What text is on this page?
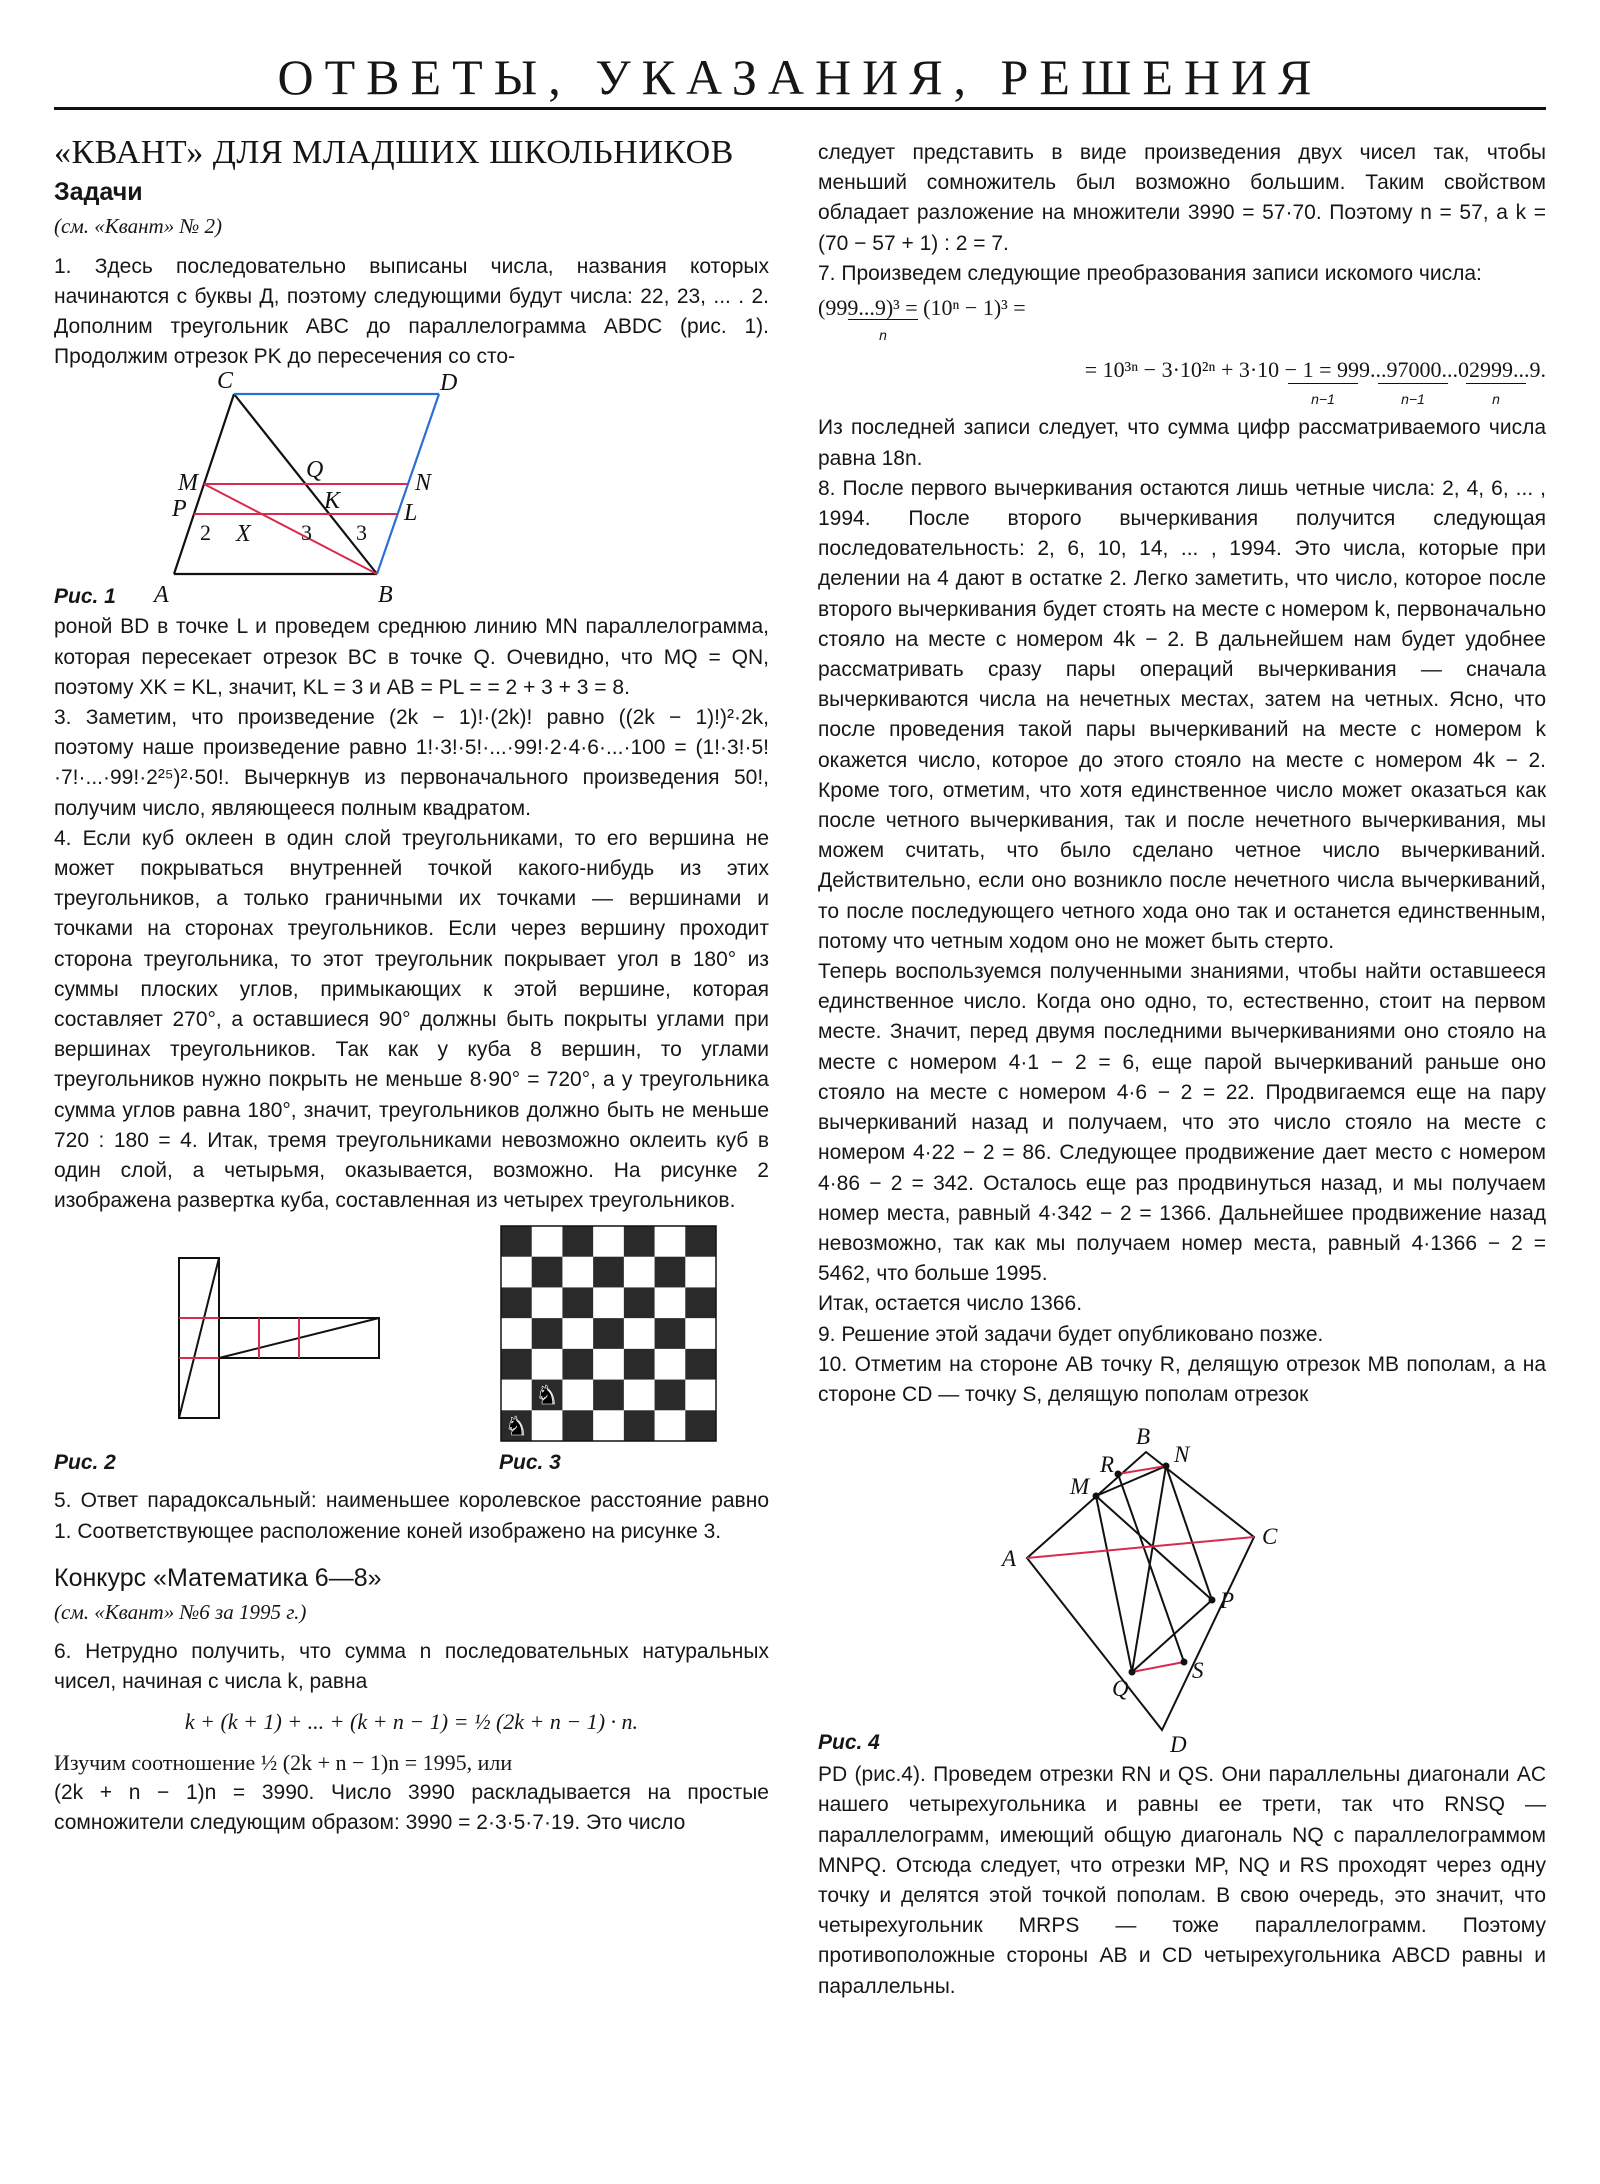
ОТВЕТЫ, УКАЗАНИЯ, РЕШЕНИЯ
«КВАНТ» ДЛЯ МЛАДШИХ ШКОЛЬНИКОВ
Задачи
(см. «Квант» № 2)

1. Здесь последовательно выписаны числа, названия которых начинаются с буквы Д, поэтому следующими будут числа: 22, 23, ... . 2. Дополним треугольник ABC до параллелограмма ABDC (рис. 1). Продолжим отрезок PK до пересечения со сто-

A	B
C	D
M	N
P	L
Q
K
X
2	3 3
Рис. 1

роной BD в точке L и проведем среднюю линию MN параллелограмма, которая пересекает отрезок BC в точке Q. Очевидно, что MQ = QN, поэтому XK = KL, значит, KL = 3 и AB = PL = = 2 + 3 + 3 = 8.

3. Заметим, что произведение (2k − 1)!·(2k)! равно ((2k − 1)!)²·2k, поэтому наше произведение равно 1!·3!·5!·...·99!·2·4·6·...·100 = (1!·3!·5!·7!·...·99!·2²⁵)²·50!. Вычеркнув из первоначального произведения 50!, получим число, являющееся полным квадратом.

4. Если куб оклеен в один слой треугольниками, то его вершина не может покрываться внутренней точкой какого-нибудь из этих треугольников, а только граничными их точками — вершинами и точками на сторонах треугольников. Если через вершину проходит сторона треугольника, то этот треугольник покрывает угол в 180° из суммы плоских углов, примыкающих к этой вершине, которая составляет 270°, а оставшиеся 90° должны быть покрыты углами при вершинах треугольников. Так как у куба 8 вершин, то углами треугольников нужно покрыть не меньше 8·90° = 720°, а у треугольника сумма углов равна 180°, значит, треугольников должно быть не меньше 720 : 180 = 4. Итак, тремя треугольниками невозможно оклеить куб в один слой, а четырьмя, оказывается, возможно. На рисунке 2 изображена развертка куба, составленная из четырех треугольников.

♞
♞
Рис. 2	Рис. 3

5. Ответ парадоксальный: наименьшее королевское расстояние равно 1. Соответствующее расположение коней изображено на рисунке 3.

Конкурс «Математика 6—8»
(см. «Квант» №6 за 1995 г.)

6. Нетрудно получить, что сумма n последовательных натуральных чисел, начиная с числа k, равна

k + (k + 1) + ... + (k + n − 1) = ½ (2k + n − 1) · n.

Изучим соотношение ½ (2k + n − 1)n = 1995, или

(2k + n − 1)n = 3990. Число 3990 раскладывается на простые сомножители следующим образом: 3990 = 2·3·5·7·19. Это число

следует представить в виде произведения двух чисел так, чтобы меньший сомножитель был возможно большим. Таким свойством обладает разложение на множители 3990 = 57·70. Поэтому n = 57, а k = (70 − 57 + 1) : 2 = 7.

7. Произведем следующие преобразования записи искомого числа:

(999...9)³ = (10ⁿ − 1)³ =
n
= 10³ⁿ − 3·10²ⁿ + 3·10 − 1 = 999...97000...02999...9.
n−1	n−1	n

Из последней записи следует, что сумма цифр рассматриваемого числа равна 18n.

8. После первого вычеркивания остаются лишь четные числа: 2, 4, 6, ... , 1994. После второго вычеркивания получится следующая последовательность: 2, 6, 10, 14, ... , 1994. Это числа, которые при делении на 4 дают в остатке 2. Легко заметить, что число, которое после второго вычеркивания будет стоять на месте с номером k, первоначально стояло на месте с номером 4k − 2. В дальнейшем нам будет удобнее рассматривать сразу пары операций вычеркивания — сначала вычеркиваются числа на нечетных местах, затем на четных. Ясно, что после проведения такой пары вычеркиваний на месте с номером k окажется число, которое до этого стояло на месте с номером 4k − 2. Кроме того, отметим, что хотя единственное число может оказаться как после четного вычеркивания, так и после нечетного вычеркивания, мы можем считать, что было сделано четное число вычеркиваний. Действительно, если оно возникло после нечетного числа вычеркиваний, то после последующего четного хода оно так и останется единственным, потому что четным ходом оно не может быть стерто.

Теперь воспользуемся полученными знаниями, чтобы найти оставшееся единственное число. Когда оно одно, то, естественно, стоит на первом месте. Значит, перед двумя последними вычеркиваниями оно стояло на месте с номером 4·1 − 2 = 6, еще парой вычеркиваний раньше оно стояло на месте с номером 4·6 − 2 = 22. Продвигаемся еще на пару вычеркиваний назад и получаем, что это число стояло на месте с номером 4·22 − 2 = 86. Следующее продвижение дает место с номером 4·86 − 2 = 342. Осталось еще раз продвинуться назад, и мы получаем номер места, равный 4·342 − 2 = 1366. Дальнейшее продвижение назад невозможно, так как мы получаем номер места, равный 4·1366 − 2 = 5462, что больше 1995.

Итак, остается число 1366.

9. Решение этой задачи будет опубликовано позже.

10. Отметим на стороне AB точку R, делящую отрезок MB пополам, а на стороне CD — точку S, делящую пополам отрезок

A
B
C
D
M
N
P
Q
R
S
Рис. 4

PD (рис.4). Проведем отрезки RN и QS. Они параллельны диагонали AC нашего четырехугольника и равны ее трети, так что RNSQ — параллелограмм, имеющий общую диагональ NQ с параллелограммом MNPQ. Отсюда следует, что отрезки MP, NQ и RS проходят через одну точку и делятся этой точкой пополам. В свою очередь, это значит, что четырехугольник MRPS — тоже параллелограмм. Поэтому противоположные стороны AB и CD четырехугольника ABCD равны и параллельны.
